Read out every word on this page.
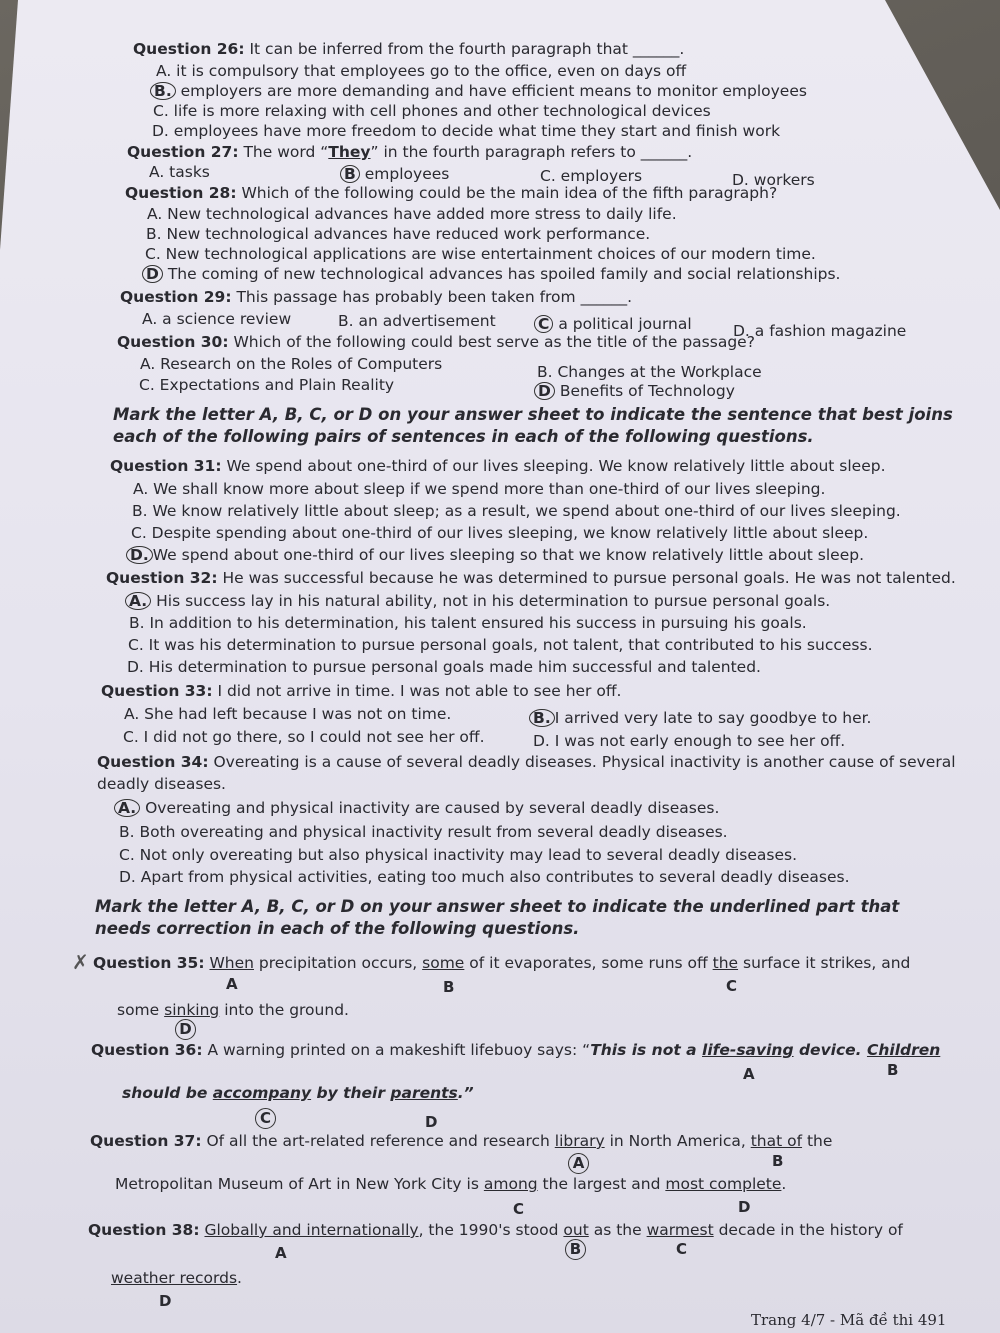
Question 26: It can be inferred from the fourth paragraph that ______.
A. it is compulsory that employees go to the office, even on days off
B. employers are more demanding and have efficient means to monitor employees
C. life is more relaxing with cell phones and other technological devices
D. employees have more freedom to decide what time they start and finish work
Question 27: The word “They” in the fourth paragraph refers to ______.
A. tasks	B employees	C. employers	D. workers
Question 28: Which of the following could be the main idea of the fifth paragraph?
A. New technological advances have added more stress to daily life.
B. New technological advances have reduced work performance.
C. New technological applications are wise entertainment choices of our modern time.
D The coming of new technological advances has spoiled family and social relationships.
Question 29: This passage has probably been taken from ______.
A. a science review	B. an advertisement	C a political journal	D. a fashion magazine
Question 30: Which of the following could best serve as the title of the passage?
A. Research on the Roles of Computers	B. Changes at the Workplace
C. Expectations and Plain Reality	D Benefits of Technology
Mark the letter A, B, C, or D on your answer sheet to indicate the sentence that best joins each of the following pairs of sentences in each of the following questions.
Question 31: We spend about one-third of our lives sleeping. We know relatively little about sleep.
A. We shall know more about sleep if we spend more than one-third of our lives sleeping.
B. We know relatively little about sleep; as a result, we spend about one-third of our lives sleeping.
C. Despite spending about one-third of our lives sleeping, we know relatively little about sleep.
D. We spend about one-third of our lives sleeping so that we know relatively little about sleep.
Question 32: He was successful because he was determined to pursue personal goals. He was not talented.
A. His success lay in his natural ability, not in his determination to pursue personal goals.
B. In addition to his determination, his talent ensured his success in pursuing his goals.
C. It was his determination to pursue personal goals, not talent, that contributed to his success.
D. His determination to pursue personal goals made him successful and talented.
Question 33: I did not arrive in time. I was not able to see her off.
A. She had left because I was not on time.	B. I arrived very late to say goodbye to her.
C. I did not go there, so I could not see her off.	D. I was not early enough to see her off.
Question 34: Overeating is a cause of several deadly diseases. Physical inactivity is another cause of several
deadly diseases.
A. Overeating and physical inactivity are caused by several deadly diseases.
B. Both overeating and physical inactivity result from several deadly diseases.
C. Not only overeating but also physical inactivity may lead to several deadly diseases.
D. Apart from physical activities, eating too much also contributes to several deadly diseases.
Mark the letter A, B, C, or D on your answer sheet to indicate the underlined part that needs correction in each of the following questions.
✗ Question 35: When precipitation occurs, some of it evaporates, some runs off the surface it strikes, and
A	B	C
some sinking into the ground.
D
Question 36: A warning printed on a makeshift lifebuoy says: “This is not a life-saving device. Children
A	B
should be accompany by their parents.”
C	D
Question 37: Of all the art-related reference and research library in North America, that of the
A	B
Metropolitan Museum of Art in New York City is among the largest and most complete.
C	D
Question 38: Globally and internationally, the 1990's stood out as the warmest decade in the history of
A	B	C
weather records.
D
Trang 4/7 - Mã đề thi 491
